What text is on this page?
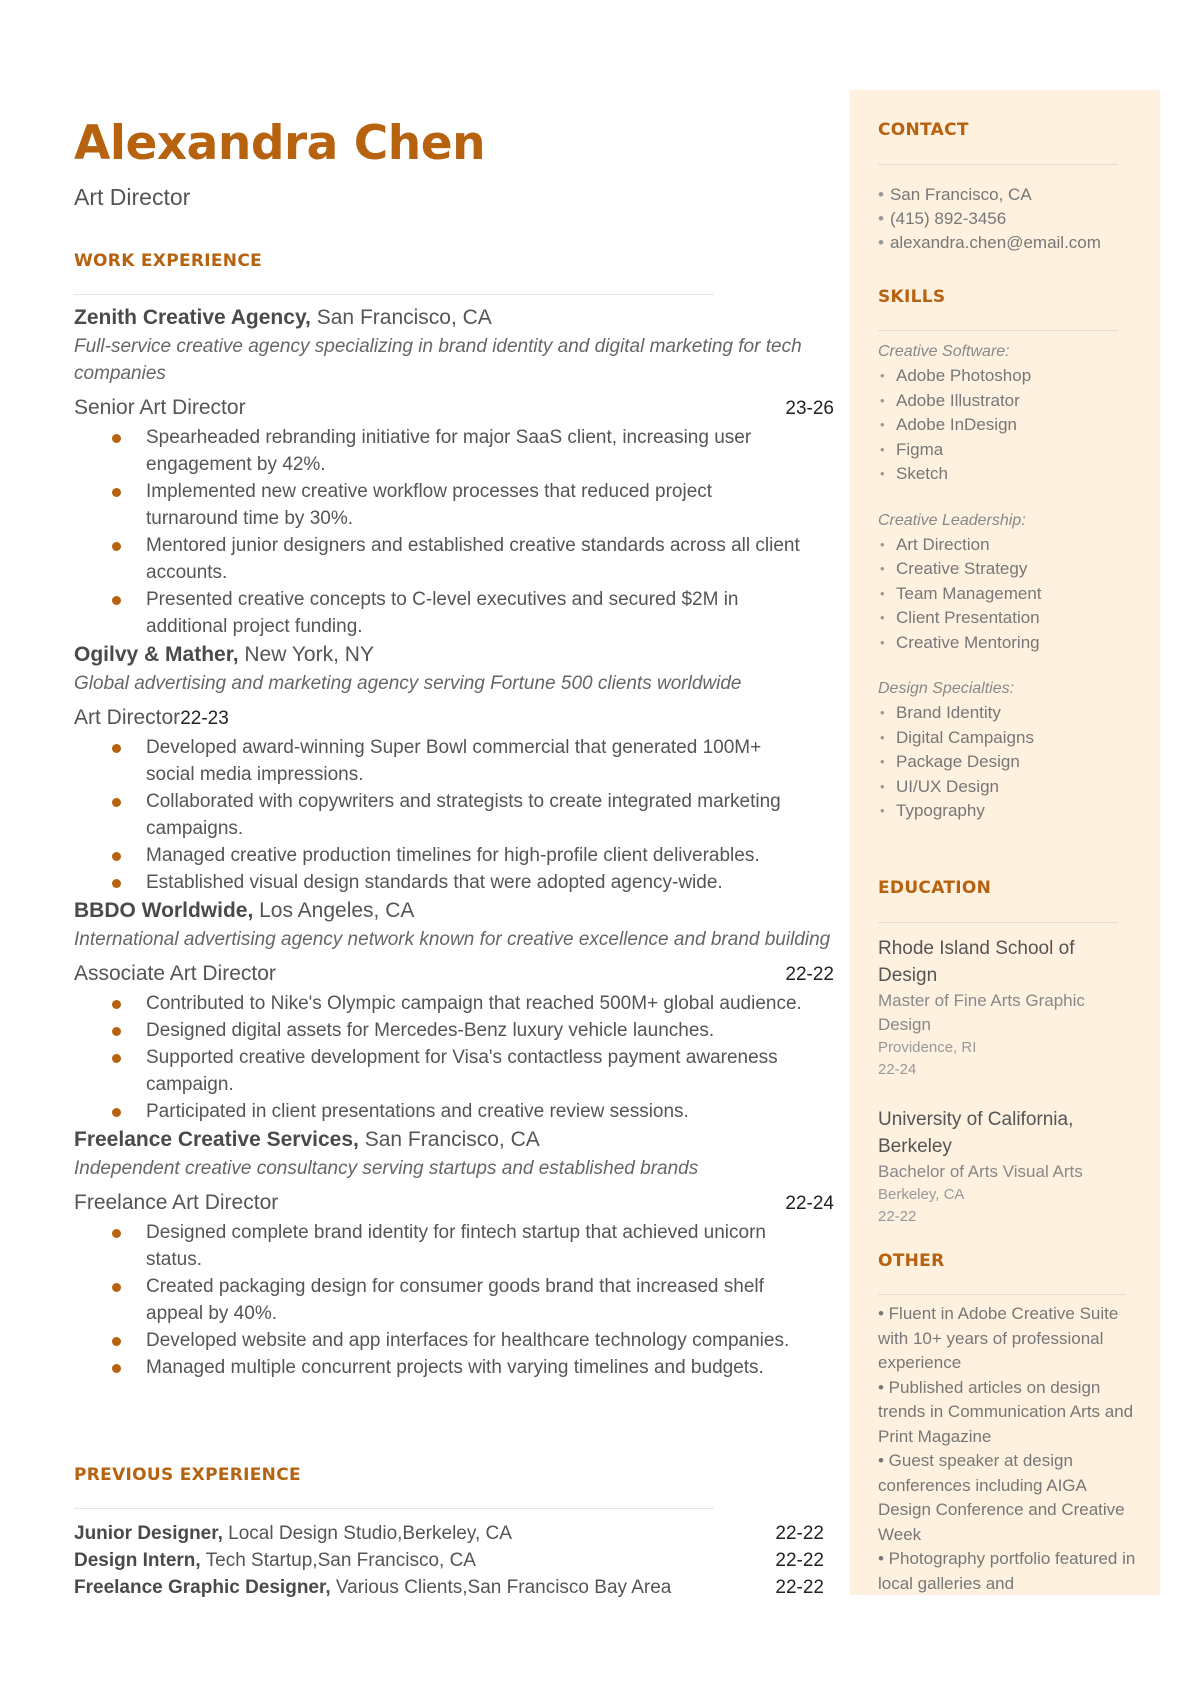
Alexandra Chen
Art Director
WORK EXPERIENCE

Zenith Creative Agency, San Francisco, CA

Full-service creative agency specializing in brand identity and digital marketing for tech companies

Senior Art Director	23-26
Spearheaded rebranding initiative for major SaaS client, increasing user engagement by 42%.
Implemented new creative workflow processes that reduced project turnaround time by 30%.
Mentored junior designers and established creative standards across all client accounts.
Presented creative concepts to C-level executives and secured $2M in additional project funding.

Ogilvy & Mather, New York, NY

Global advertising and marketing agency serving Fortune 500 clients worldwide

Art Director 22-23
Developed award-winning Super Bowl commercial that generated 100M+ social media impressions.
Collaborated with copywriters and strategists to create integrated marketing campaigns.
Managed creative production timelines for high-profile client deliverables.
Established visual design standards that were adopted agency-wide.

BBDO Worldwide, Los Angeles, CA

International advertising agency network known for creative excellence and brand building

Associate Art Director	22-22
Contributed to Nike's Olympic campaign that reached 500M+ global audience.
Designed digital assets for Mercedes-Benz luxury vehicle launches.
Supported creative development for Visa's contactless payment awareness campaign.
Participated in client presentations and creative review sessions.

Freelance Creative Services, San Francisco, CA

Independent creative consultancy serving startups and established brands

Freelance Art Director	22-24
Designed complete brand identity for fintech startup that achieved unicorn status.
Created packaging design for consumer goods brand that increased shelf appeal by 40%.
Developed website and app interfaces for healthcare technology companies.
Managed multiple concurrent projects with varying timelines and budgets.
PREVIOUS EXPERIENCE
Junior Designer, Local Design Studio,Berkeley, CA	22-22
Design Intern, Tech Startup,San Francisco, CA	22-22
Freelance Graphic Designer, Various Clients,San Francisco Bay Area	22-22
CONTACT
• San Francisco, CA
• (415) 892-3456
• alexandra.chen@email.com
SKILLS

Creative Software:

• Adobe Photoshop
• Adobe Illustrator
• Adobe InDesign
• Figma
• Sketch

Creative Leadership:

• Art Direction
• Creative Strategy
• Team Management
• Client Presentation
• Creative Mentoring

Design Specialties:

• Brand Identity
• Digital Campaigns
• Package Design
• UI/UX Design
• Typography
EDUCATION

Rhode Island School of Design

Master of Fine Arts Graphic Design

Providence, RI

22-24

University of California, Berkeley

Bachelor of Arts Visual Arts

Berkeley, CA

22-22

OTHER
• Fluent in Adobe Creative Suite with 10+ years of professional experience
• Published articles on design trends in Communication Arts and Print Magazine
• Guest speaker at design conferences including AIGA Design Conference and Creative Week
• Photography portfolio featured in local galleries and
